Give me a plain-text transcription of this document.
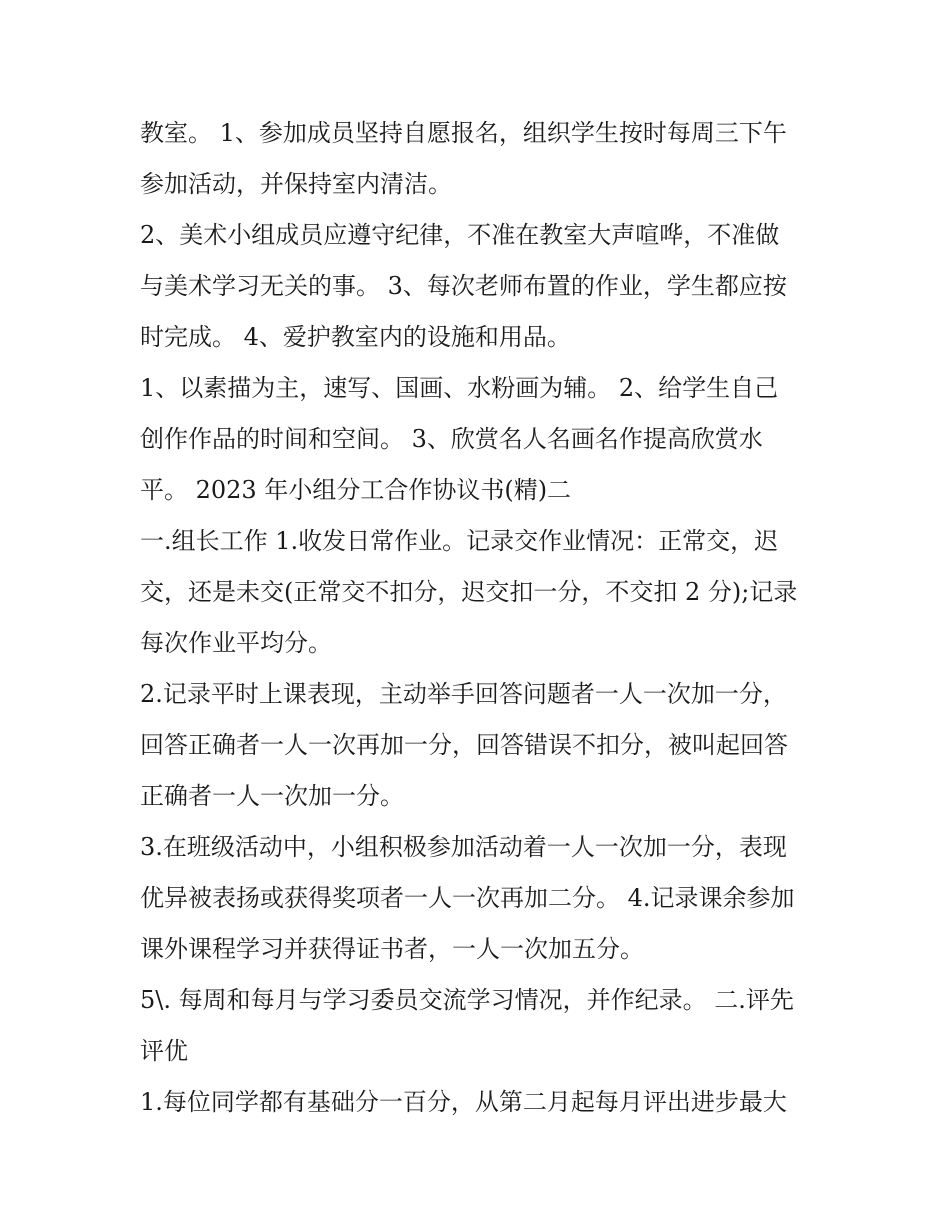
教室。 1、参加成员坚持自愿报名，组织学生按时每周三下午
参加活动，并保持室内清洁。
2、美术小组成员应遵守纪律，不准在教室大声喧哗，不准做
与美术学习无关的事。 3、每次老师布置的作业，学生都应按
时完成。 4、爱护教室内的设施和用品。
1、以素描为主，速写、国画、水粉画为辅。 2、给学生自己
创作作品的时间和空间。 3、欣赏名人名画名作提高欣赏水
平。 2023 年小组分工合作协议书(精)二
一.组长工作 1.收发日常作业。记录交作业情况：正常交，迟
交，还是未交(正常交不扣分，迟交扣一分，不交扣 2 分);记录
每次作业平均分。
2.记录平时上课表现，主动举手回答问题者一人一次加一分，
回答正确者一人一次再加一分，回答错误不扣分，被叫起回答
正确者一人一次加一分。
3.在班级活动中，小组积极参加活动着一人一次加一分，表现
优异被表扬或获得奖项者一人一次再加二分。 4.记录课余参加
课外课程学习并获得证书者，一人一次加五分。
5\. 每周和每月与学习委员交流学习情况，并作纪录。 二.评先
评优
1.每位同学都有基础分一百分，从第二月起每月评出进步最大
